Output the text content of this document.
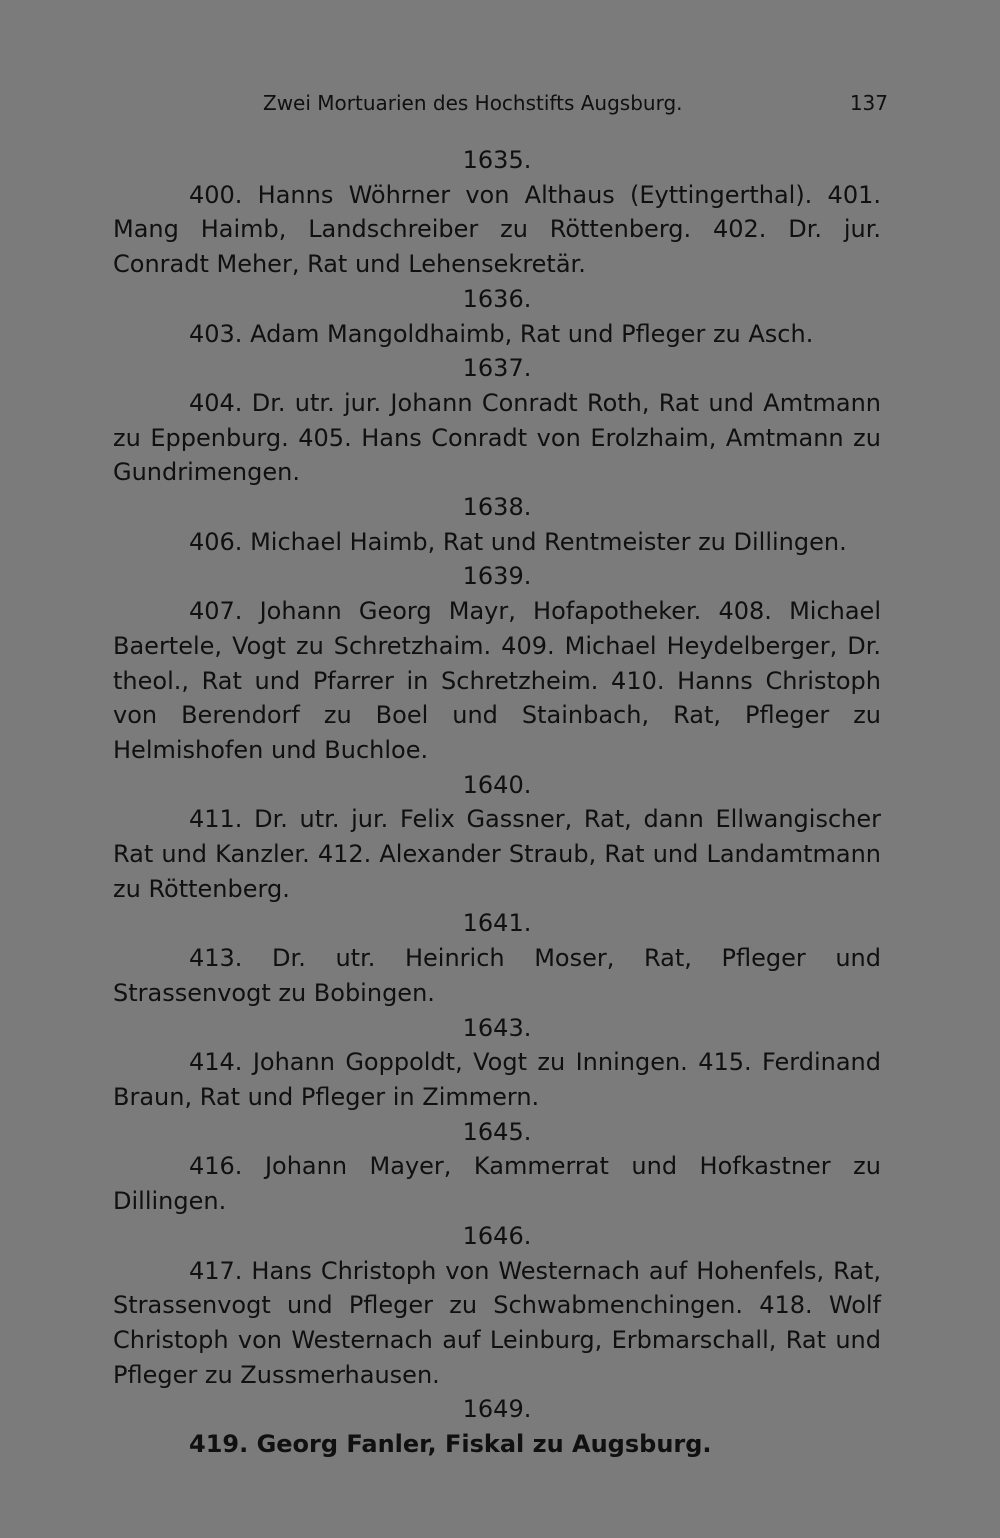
Zwei Mortuarien des Hochstifts Augsburg.	137
1635.

400. Hanns Wöhrner von Althaus (Eyttingerthal). 401. Mang Haimb, Landschreiber zu Röttenberg. 402. Dr. jur. Conradt Meher, Rat und Lehensekretär.

1636.

403. Adam Mangoldhaimb, Rat und Pfleger zu Asch.

1637.

404. Dr. utr. jur. Johann Conradt Roth, Rat und Amtmann zu Eppenburg. 405. Hans Conradt von Erolzhaim, Amtmann zu Gundrimengen.

1638.

406. Michael Haimb, Rat und Rentmeister zu Dillingen.

1639.

407. Johann Georg Mayr, Hofapotheker. 408. Michael Baertele, Vogt zu Schretzhaim. 409. Michael Heydelberger, Dr. theol., Rat und Pfarrer in Schretzheim. 410. Hanns Christoph von Berendorf zu Boel und Stainbach, Rat, Pfleger zu Helmishofen und Buchloe.

1640.

411. Dr. utr. jur. Felix Gassner, Rat, dann Ellwangischer Rat und Kanzler. 412. Alexander Straub, Rat und Landamtmann zu Röttenberg.

1641.

413. Dr. utr. Heinrich Moser, Rat, Pfleger und Strassenvogt zu Bobingen.

1643.

414. Johann Goppoldt, Vogt zu Inningen. 415. Ferdinand Braun, Rat und Pfleger in Zimmern.

1645.

416. Johann Mayer, Kammerrat und Hofkastner zu Dillingen.

1646.

417. Hans Christoph von Westernach auf Hohenfels, Rat, Strassenvogt und Pfleger zu Schwabmenchingen. 418. Wolf Christoph von Westernach auf Leinburg, Erbmarschall, Rat und Pfleger zu Zussmerhausen.

1649.

419. Georg Fanler, Fiskal zu Augsburg.
